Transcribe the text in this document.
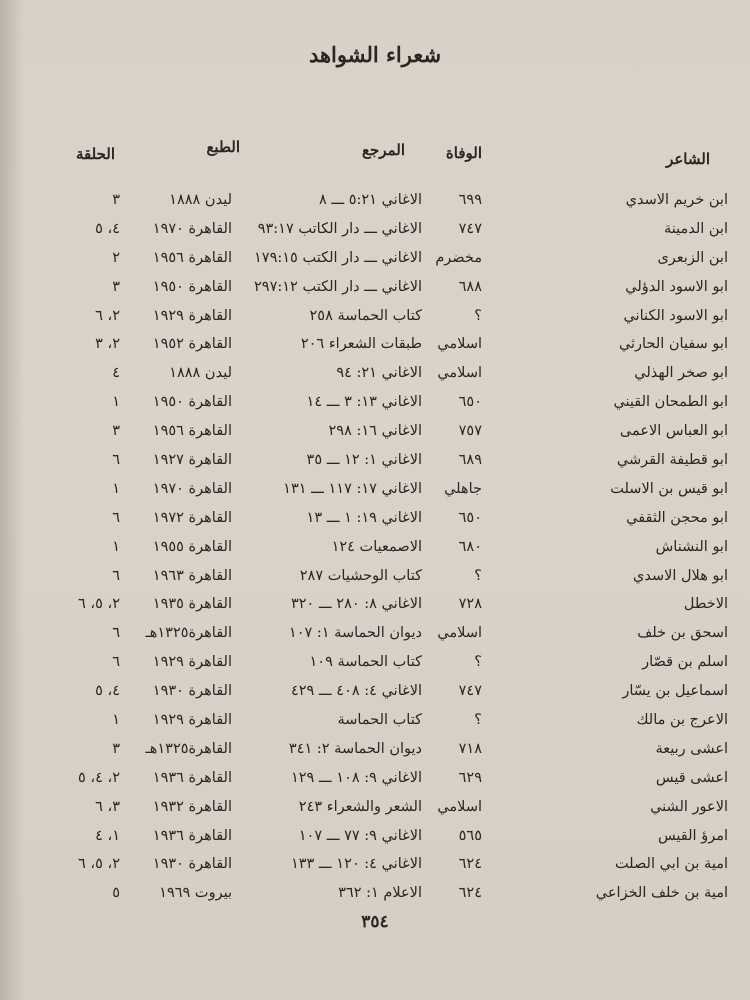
شعراء الشواهد
الشاعر
الوفاة
المرجع
الطبع
الحلقة
ابن خريم الاسدي
٦٩٩
الاغاني ٥:٢١ ـــ ٨
ليدن ١٨٨٨
٣
ابن الدمينة
٧٤٧
الاغاني ـــ دار الكاتب ٩٣:١٧
القاهرة ١٩٧٠
٤، ٥
ابن الزبعرى
مخضرم
الاغاني ـــ دار الكتب ١٧٩:١٥
القاهرة ١٩٥٦
٢
ابو الاسود الدؤلي
٦٨٨
الاغاني ـــ دار الكتب ٢٩٧:١٢
القاهرة ١٩٥٠
٣
ابو الاسود الكناني
؟
كتاب الحماسة ٢٥٨
القاهرة ١٩٢٩
٢، ٦
ابو سفيان الحارثي
اسلامي
طبقات الشعراء ٢٠٦
القاهرة ١٩٥٢
٢، ٣
ابو صخر الهذلي
اسلامي
الاغاني ٢١: ٩٤
ليدن ١٨٨٨
٤
ابو الطمحان القيني
٦٥٠
الاغاني ١٣: ٣ ـــ ١٤
القاهرة ١٩٥٠
١
ابو العباس الاعمى
٧٥٧
الاغاني ١٦: ٢٩٨
القاهرة ١٩٥٦
٣
ابو قطيفة القرشي
٦٨٩
الاغاني ١: ١٢ ـــ ٣٥
القاهرة ١٩٢٧
٦
ابو قيس بن الاسلت
جاهلي
الاغاني ١٧: ١١٧ ـــ ١٣١
القاهرة ١٩٧٠
١
ابو محجن الثقفي
٦٥٠
الاغاني ١٩: ١ ـــ ١٣
القاهرة ١٩٧٢
٦
ابو النشناش
٦٨٠
الاصمعيات ١٢٤
القاهرة ١٩٥٥
١
ابو هلال الاسدي
؟
كتاب الوحشيات ٢٨٧
القاهرة ١٩٦٣
٦
الاخطل
٧٢٨
الاغاني ٨: ٢٨٠ ـــ ٣٢٠
القاهرة ١٩٣٥
٢، ٥، ٦
اسحق بن خلف
اسلامي
ديوان الحماسة ١: ١٠٧
القاهرة١٣٢٥هـ
٦
اسلم بن قصّار
؟
كتاب الحماسة ١٠٩
القاهرة ١٩٢٩
٦
اسماعيل بن يسّار
٧٤٧
الاغاني ٤: ٤٠٨ ـــ ٤٢٩
القاهرة ١٩٣٠
٤، ٥
الاعرج بن مالك
؟
كتاب الحماسة
القاهرة ١٩٢٩
١
اعشى ربيعة
٧١٨
ديوان الحماسة ٢: ٣٤١
القاهرة١٣٢٥هـ
٣
اعشى قيس
٦٢٩
الاغاني ٩: ١٠٨ ـــ ١٢٩
القاهرة ١٩٣٦
٢، ٤، ٥
الاعور الشني
اسلامي
الشعر والشعراء ٢٤٣
القاهرة ١٩٣٢
٣، ٦
امرؤ القيس
٥٦٥
الاغاني ٩: ٧٧ ـــ ١٠٧
القاهرة ١٩٣٦
١، ٤
امية بن ابي الصلت
٦٢٤
الاغاني ٤: ١٢٠ ـــ ١٣٣
القاهرة ١٩٣٠
٢، ٥، ٦
امية بن خلف الخزاعي
٦٢٤
الاعلام ١: ٣٦٢
بيروت ١٩٦٩
٥
٣٥٤
